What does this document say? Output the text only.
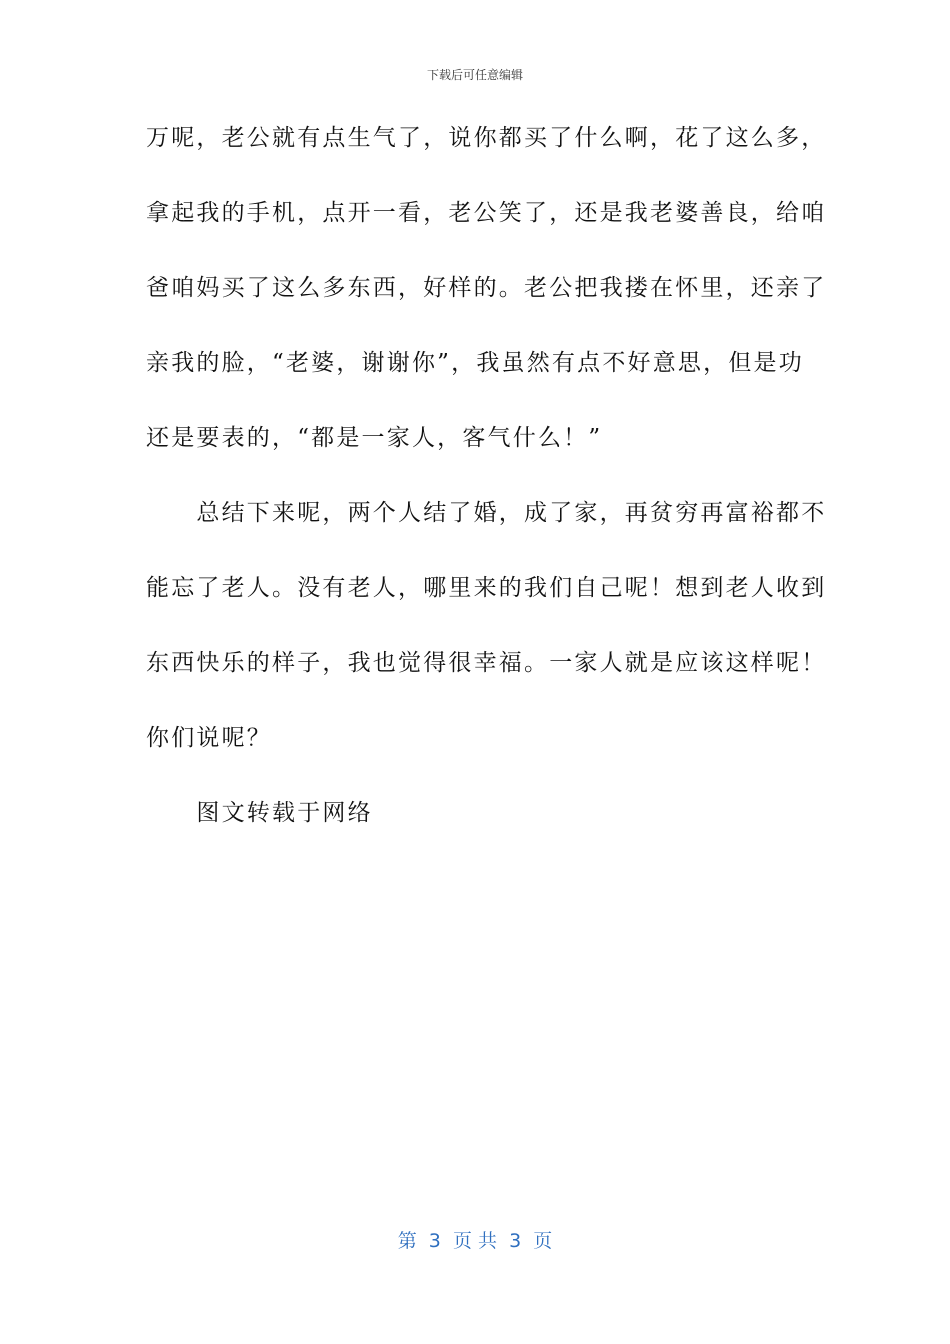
下载后可任意编辑
万呢，老公就有点生气了，说你都买了什么啊，花了这么多，
拿起我的手机，点开一看，老公笑了，还是我老婆善良，给咱
爸咱妈买了这么多东西，好样的。老公把我搂在怀里，还亲了
亲我的脸，“老婆，谢谢你”，我虽然有点不好意思，但是功
还是要表的，“都是一家人，客气什么！”
　　总结下来呢，两个人结了婚，成了家，再贫穷再富裕都不
能忘了老人。没有老人，哪里来的我们自己呢！想到老人收到
东西快乐的样子，我也觉得很幸福。一家人就是应该这样呢！
你们说呢？
　　图文转载于网络
第  3  页 共  3  页
